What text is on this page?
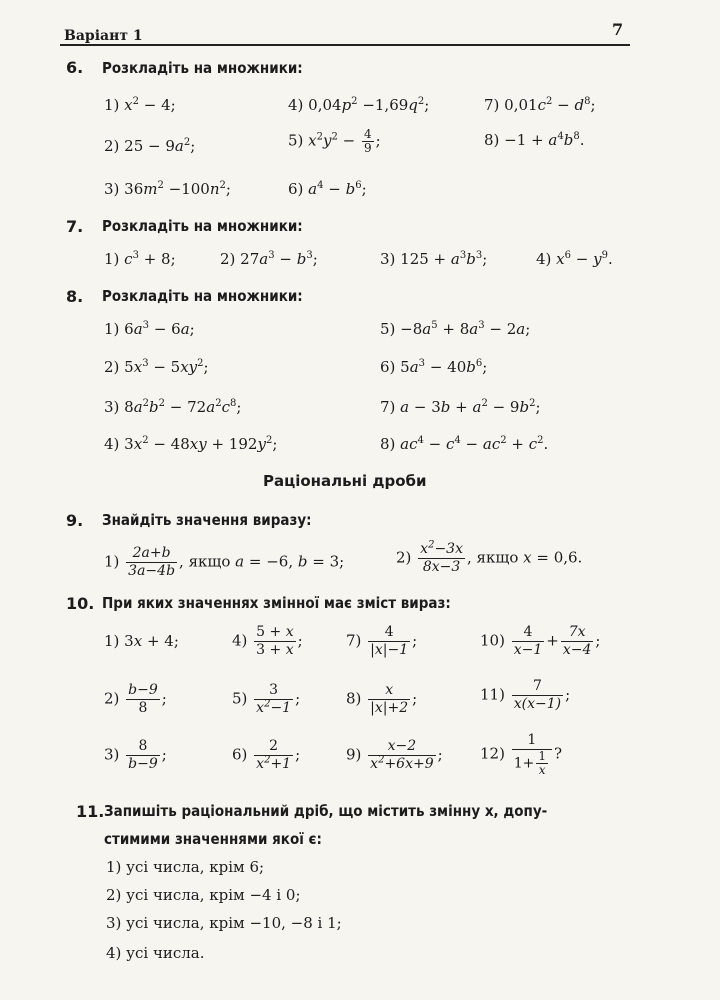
Варіант 1	7
6. Розкладіть на множники:
1) $x^2 - 4$;	4) $0,04p^2 -1,69q^2$;	7) $0,01c^2 - d^8$;
2) $25 - 9a^2$;	5) $x^2y^2 - \frac{4}{9}$ ;	$8) -1 + a^4b^8$.
3) $36m^2 -100n^2$;	6) $a^4 - b^6$;
7. Розкладіть на множники:
1) $c^3 + 8$;	2) $27a^3 - b^3$;	3) $125 + a^3b^3$;	4) $x^6 - y^9$.
8. Розкладіть на множники:
1) $6a^3 - 6a$;	$5) -8a^5 + 8a^3 - 2a$;
2) $5x^3 - 5xy^2$;	6) $5a^3 - 40b^6$;
3) $8a^2b^2 - 72a^2c^8$;	7) $a - 3b + a^2 - 9b^2$;
4) $3x^2 - 48xy + 192y^2$;	8) $ac^4 - c^4 - ac^2 + c^2$.
Раціональні дроби
9. Знайдіть значення виразу:
$1) \frac{2a+b}{3a-4b}$ , якщо a = −6, b = 3;	$2) \frac{x^2-3x}{8x-3}$ , якщо x = 0,6.
10. При яких значеннях змінної має зміст вираз:
1) 3x + 4;	$4) \frac{5 + x}{3 + x}$ ;	$7) \frac{4}{|x|-1}$ ;	$10) \frac{4}{x-1} + \frac{7x}{x-4}$ ;
$2) \frac{b-9}{8}$ ;	$5) \frac{3}{x^2-1}$ ;	$8) \frac{x}{|x|+2}$ ;	$11) \frac{7}{x(x-1)}$ ;
$3) \frac{8}{b-9}$ ;	$6) \frac{2}{x^2+1}$ ;	$9) \frac{x-2}{x^2+6x+9}$ ; $12) \frac{1}{1+ \frac{1}{x}}$ ?
11. Запишіть раціональний дріб, що містить змінну x, допу-
стимими значеннями якої є:
1) усі числа, крім 6;
2) усі числа, крім −4 і 0;
3) усі числа, крім −10, −8 і 1;
4) усі числа.
